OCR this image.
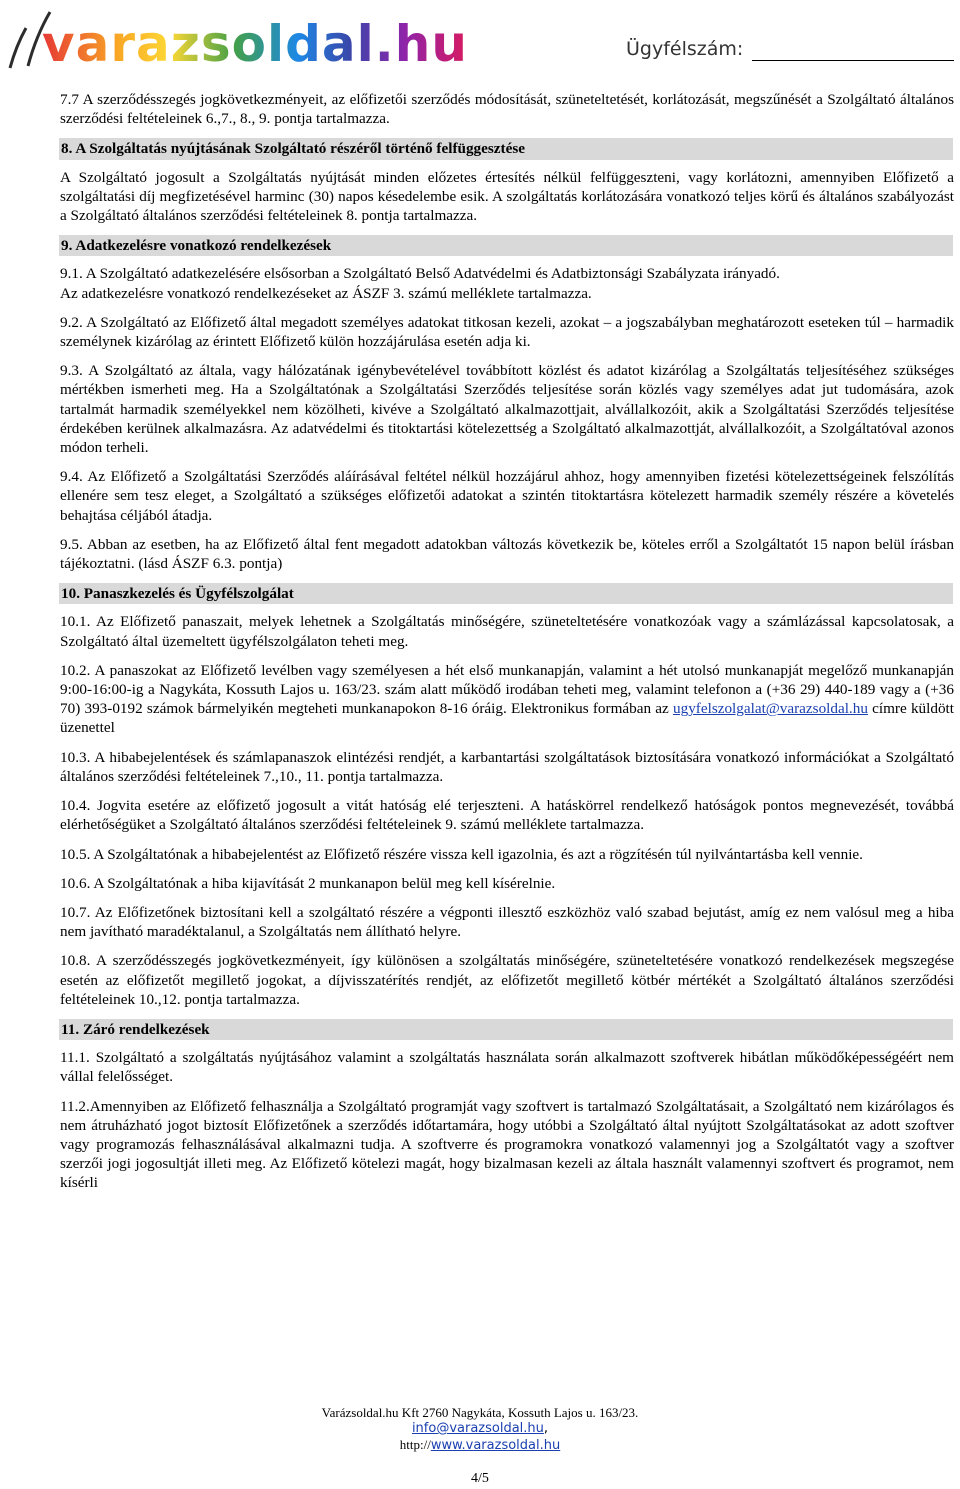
varazsoldal.hu	Ügyfélszám:

7.7 A szerződésszegés jogkövetkezményeit, az előfizetői szerződés módosítását, szüneteltetését, korlátozását, megszűnését a Szolgáltató általános szerződési feltételeinek 6.,7., 8., 9. pontja tartalmazza.

8. A Szolgáltatás nyújtásának Szolgáltató részéről történő felfüggesztése

A Szolgáltató jogosult a Szolgáltatás nyújtását minden előzetes értesítés nélkül felfüggeszteni, vagy korlátozni, amennyiben Előfizető a szolgáltatási díj megfizetésével harminc (30) napos késedelembe esik. A szolgáltatás korlátozására vonatkozó teljes körű és általános szabályozást a Szolgáltató általános szerződési feltételeinek 8. pontja tartalmazza.

9. Adatkezelésre vonatkozó rendelkezések

9.1. A Szolgáltató adatkezelésére elsősorban a Szolgáltató Belső Adatvédelmi és Adatbiztonsági Szabályzata irányadó.

Az adatkezelésre vonatkozó rendelkezéseket az ÁSZF 3. számú melléklete tartalmazza.

9.2. A Szolgáltató az Előfizető által megadott személyes adatokat titkosan kezeli, azokat – a jogszabályban meghatározott eseteken túl – harmadik személynek kizárólag az érintett Előfizető külön hozzájárulása esetén adja ki.

9.3. A Szolgáltató az általa, vagy hálózatának igénybevételével továbbított közlést és adatot kizárólag a Szolgáltatás teljesítéséhez szükséges mértékben ismerheti meg. Ha a Szolgáltatónak a Szolgáltatási Szerződés teljesítése során közlés vagy személyes adat jut tudomására, azok tartalmát harmadik személyekkel nem közölheti, kivéve a Szolgáltató alkalmazottjait, alvállalkozóit, akik a Szolgáltatási Szerződés teljesítése érdekében kerülnek alkalmazásra. Az adatvédelmi és titoktartási kötelezettség a Szolgáltató alkalmazottját, alvállalkozóit, a Szolgáltatóval azonos módon terheli.

9.4. Az Előfizető a Szolgáltatási Szerződés aláírásával feltétel nélkül hozzájárul ahhoz, hogy amennyiben fizetési kötelezettségeinek felszólítás ellenére sem tesz eleget, a Szolgáltató a szükséges előfizetői adatokat a szintén titoktartásra kötelezett harmadik személy részére a követelés behajtása céljából átadja.

9.5. Abban az esetben, ha az Előfizető által fent megadott adatokban változás következik be, köteles erről a Szolgáltatót 15 napon belül írásban tájékoztatni. (lásd ÁSZF 6.3. pontja)

10. Panaszkezelés és Ügyfélszolgálat

10.1. Az Előfizető panaszait, melyek lehetnek a Szolgáltatás minőségére, szüneteltetésére vonatkozóak vagy a számlázással kapcsolatosak, a Szolgáltató által üzemeltett ügyfélszolgálaton teheti meg.

10.2. A panaszokat az Előfizető levélben vagy személyesen a hét első munkanapján, valamint a hét utolsó munkanapját megelőző munkanapján 9:00-16:00-ig a Nagykáta, Kossuth Lajos u. 163/23. szám alatt működő irodában teheti meg, valamint telefonon a (+36 29) 440-189 vagy a (+36 70) 393-0192 számok bármelyikén megteheti munkanapokon 8-16 óráig. Elektronikus formában az ugyfelszolgalat@varazsoldal.hu címre küldött üzenettel

10.3. A hibabejelentések és számlapanaszok elintézési rendjét, a karbantartási szolgáltatások biztosítására vonatkozó információkat a Szolgáltató általános szerződési feltételeinek 7.,10., 11. pontja tartalmazza.

10.4. Jogvita esetére az előfizető jogosult a vitát hatóság elé terjeszteni. A hatáskörrel rendelkező hatóságok pontos megnevezését, továbbá elérhetőségüket a Szolgáltató általános szerződési feltételeinek 9. számú melléklete tartalmazza.

10.5. A Szolgáltatónak a hibabejelentést az Előfizető részére vissza kell igazolnia, és azt a rögzítésén túl nyilvántartásba kell vennie.

10.6. A Szolgáltatónak a hiba kijavítását 2 munkanapon belül meg kell kísérelnie.

10.7. Az Előfizetőnek biztosítani kell a szolgáltató részére a végponti illesztő eszközhöz való szabad bejutást, amíg ez nem valósul meg a hiba nem javítható maradéktalanul, a Szolgáltatás nem állítható helyre.

10.8. A szerződésszegés jogkövetkezményeit, így különösen a szolgáltatás minőségére, szüneteltetésére vonatkozó rendelkezések megszegése esetén az előfizetőt megillető jogokat, a díjvisszatérítés rendjét, az előfizetőt megillető kötbér mértékét a Szolgáltató általános szerződési feltételeinek 10.,12. pontja tartalmazza.

11. Záró rendelkezések

11.1. Szolgáltató a szolgáltatás nyújtásához valamint a szolgáltatás használata során alkalmazott szoftverek hibátlan működőképességéért nem vállal felelősséget.

11.2.Amennyiben az Előfizető felhasználja a Szolgáltató programját vagy szoftvert is tartalmazó Szolgáltatásait, a Szolgáltató nem kizárólagos és nem átruházható jogot biztosít Előfizetőnek a szerződés időtartamára, hogy utóbbi a Szolgáltató által nyújtott Szolgáltatásokat az adott szoftver vagy programozás felhasználásával alkalmazni tudja. A szoftverre és programokra vonatkozó valamennyi jog a Szolgáltatót vagy a szoftver szerzői jogi jogosultját illeti meg. Az Előfizető kötelezi magát, hogy bizalmasan kezeli az általa használt valamennyi szoftvert és programot, nem kísérli

Varázsoldal.hu Kft 2760 Nagykáta, Kossuth Lajos u. 163/23.
info@varazsoldal.hu,
http://www.varazsoldal.hu
4/5
